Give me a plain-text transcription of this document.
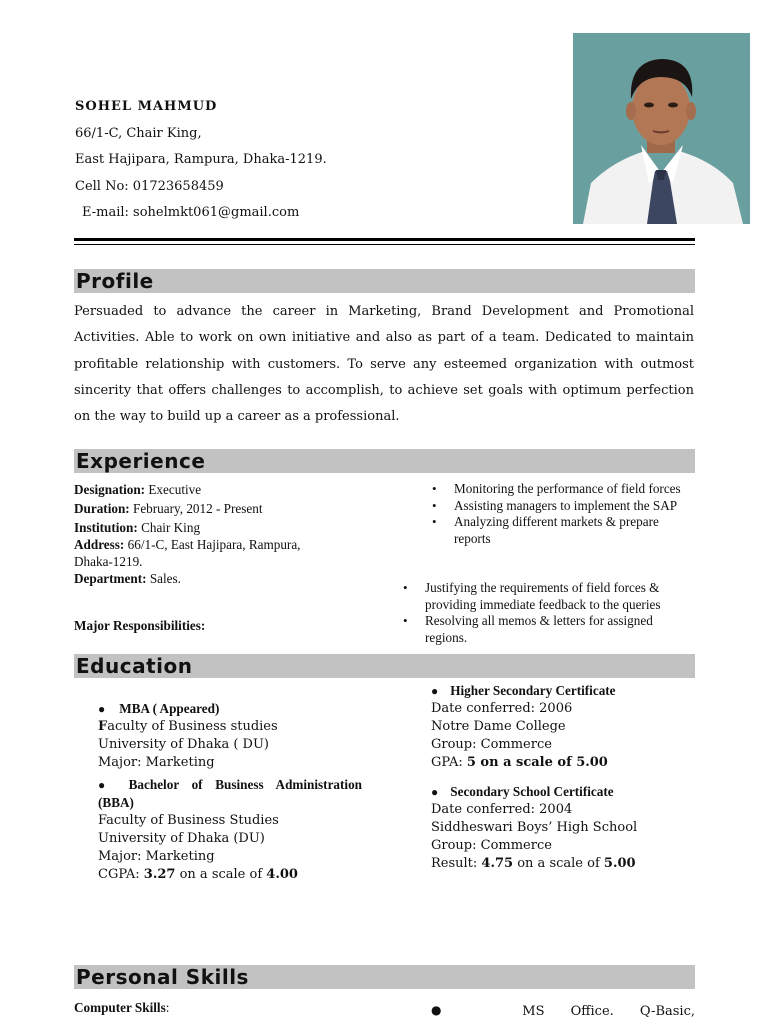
SOHEL MAHMUD
66/1-C, Chair King,
East Hajipara, Rampura, Dhaka-1219.
Cell No: 01723658459
E-mail: sohelmkt061@gmail.com
Profile
Persuaded to advance the career in Marketing, Brand Development and Promotional Activities. Able to work on own initiative and also as part of a team. Dedicated to maintain profitable relationship with customers. To serve any esteemed organization with outmost sincerity that offers challenges to accomplish, to achieve set goals with optimum perfection on the way to build up a career as a professional.
Experience
Designation: Executive
Duration: February, 2012 - Present
Institution: Chair King
Address: 66/1-C, East Hajipara, Rampura, Dhaka-1219.
Department: Sales.
Major Responsibilities:
• Monitoring the performance of field forces
• Assisting managers to implement the SAP
• Analyzing different markets & prepare reports
• Justifying the requirements of field forces & providing immediate feedback to the queries
• Resolving all memos & letters for assigned regions.
Education
● MBA ( Appeared)
Faculty of Business studies
University of Dhaka ( DU)
Major: Marketing
● Bachelor of Business Administration (BBA)
Faculty of Business Studies
University of Dhaka (DU)
Major: Marketing
CGPA: 3.27 on a scale of 4.00
● Higher Secondary Certificate
Date conferred: 2006
Notre Dame College
Group: Commerce
GPA: 5 on a scale of 5.00
● Secondary School Certificate
Date conferred: 2004
Siddheswari Boys’ High School
Group: Commerce
Result: 4.75 on a scale of 5.00
Personal Skills
Computer Skills:	●	MS Office. Q-Basic,
